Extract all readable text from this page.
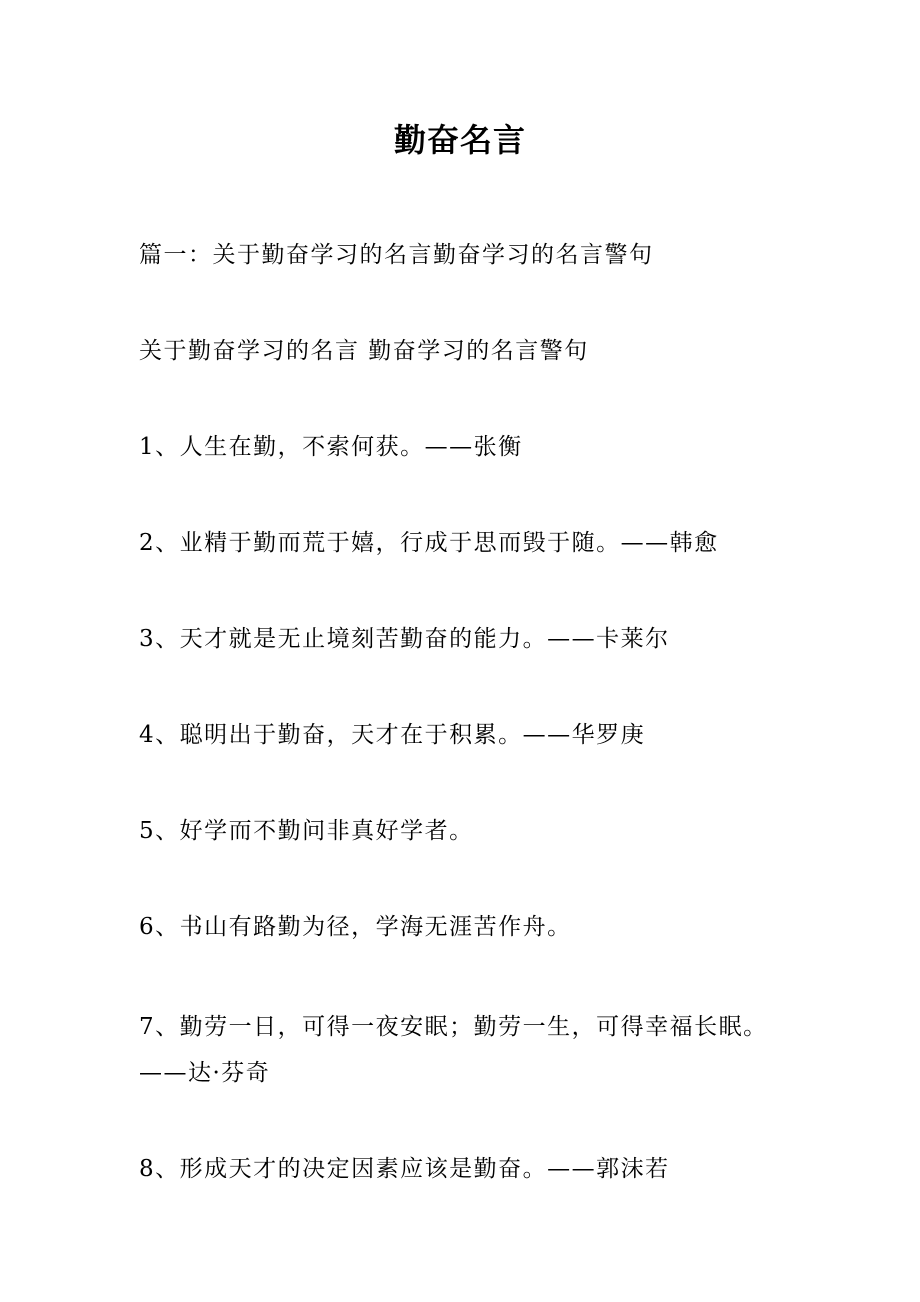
勤奋名言
篇一：关于勤奋学习的名言勤奋学习的名言警句
关于勤奋学习的名言 勤奋学习的名言警句
1、人生在勤，不索何获。——张衡
2、业精于勤而荒于嬉，行成于思而毁于随。——韩愈
3、天才就是无止境刻苦勤奋的能力。——卡莱尔
4、聪明出于勤奋，天才在于积累。——华罗庚
5、好学而不勤问非真好学者。
6、书山有路勤为径，学海无涯苦作舟。
7、勤劳一日，可得一夜安眠；勤劳一生，可得幸福长眠。
——达·芬奇
8、形成天才的决定因素应该是勤奋。——郭沫若
